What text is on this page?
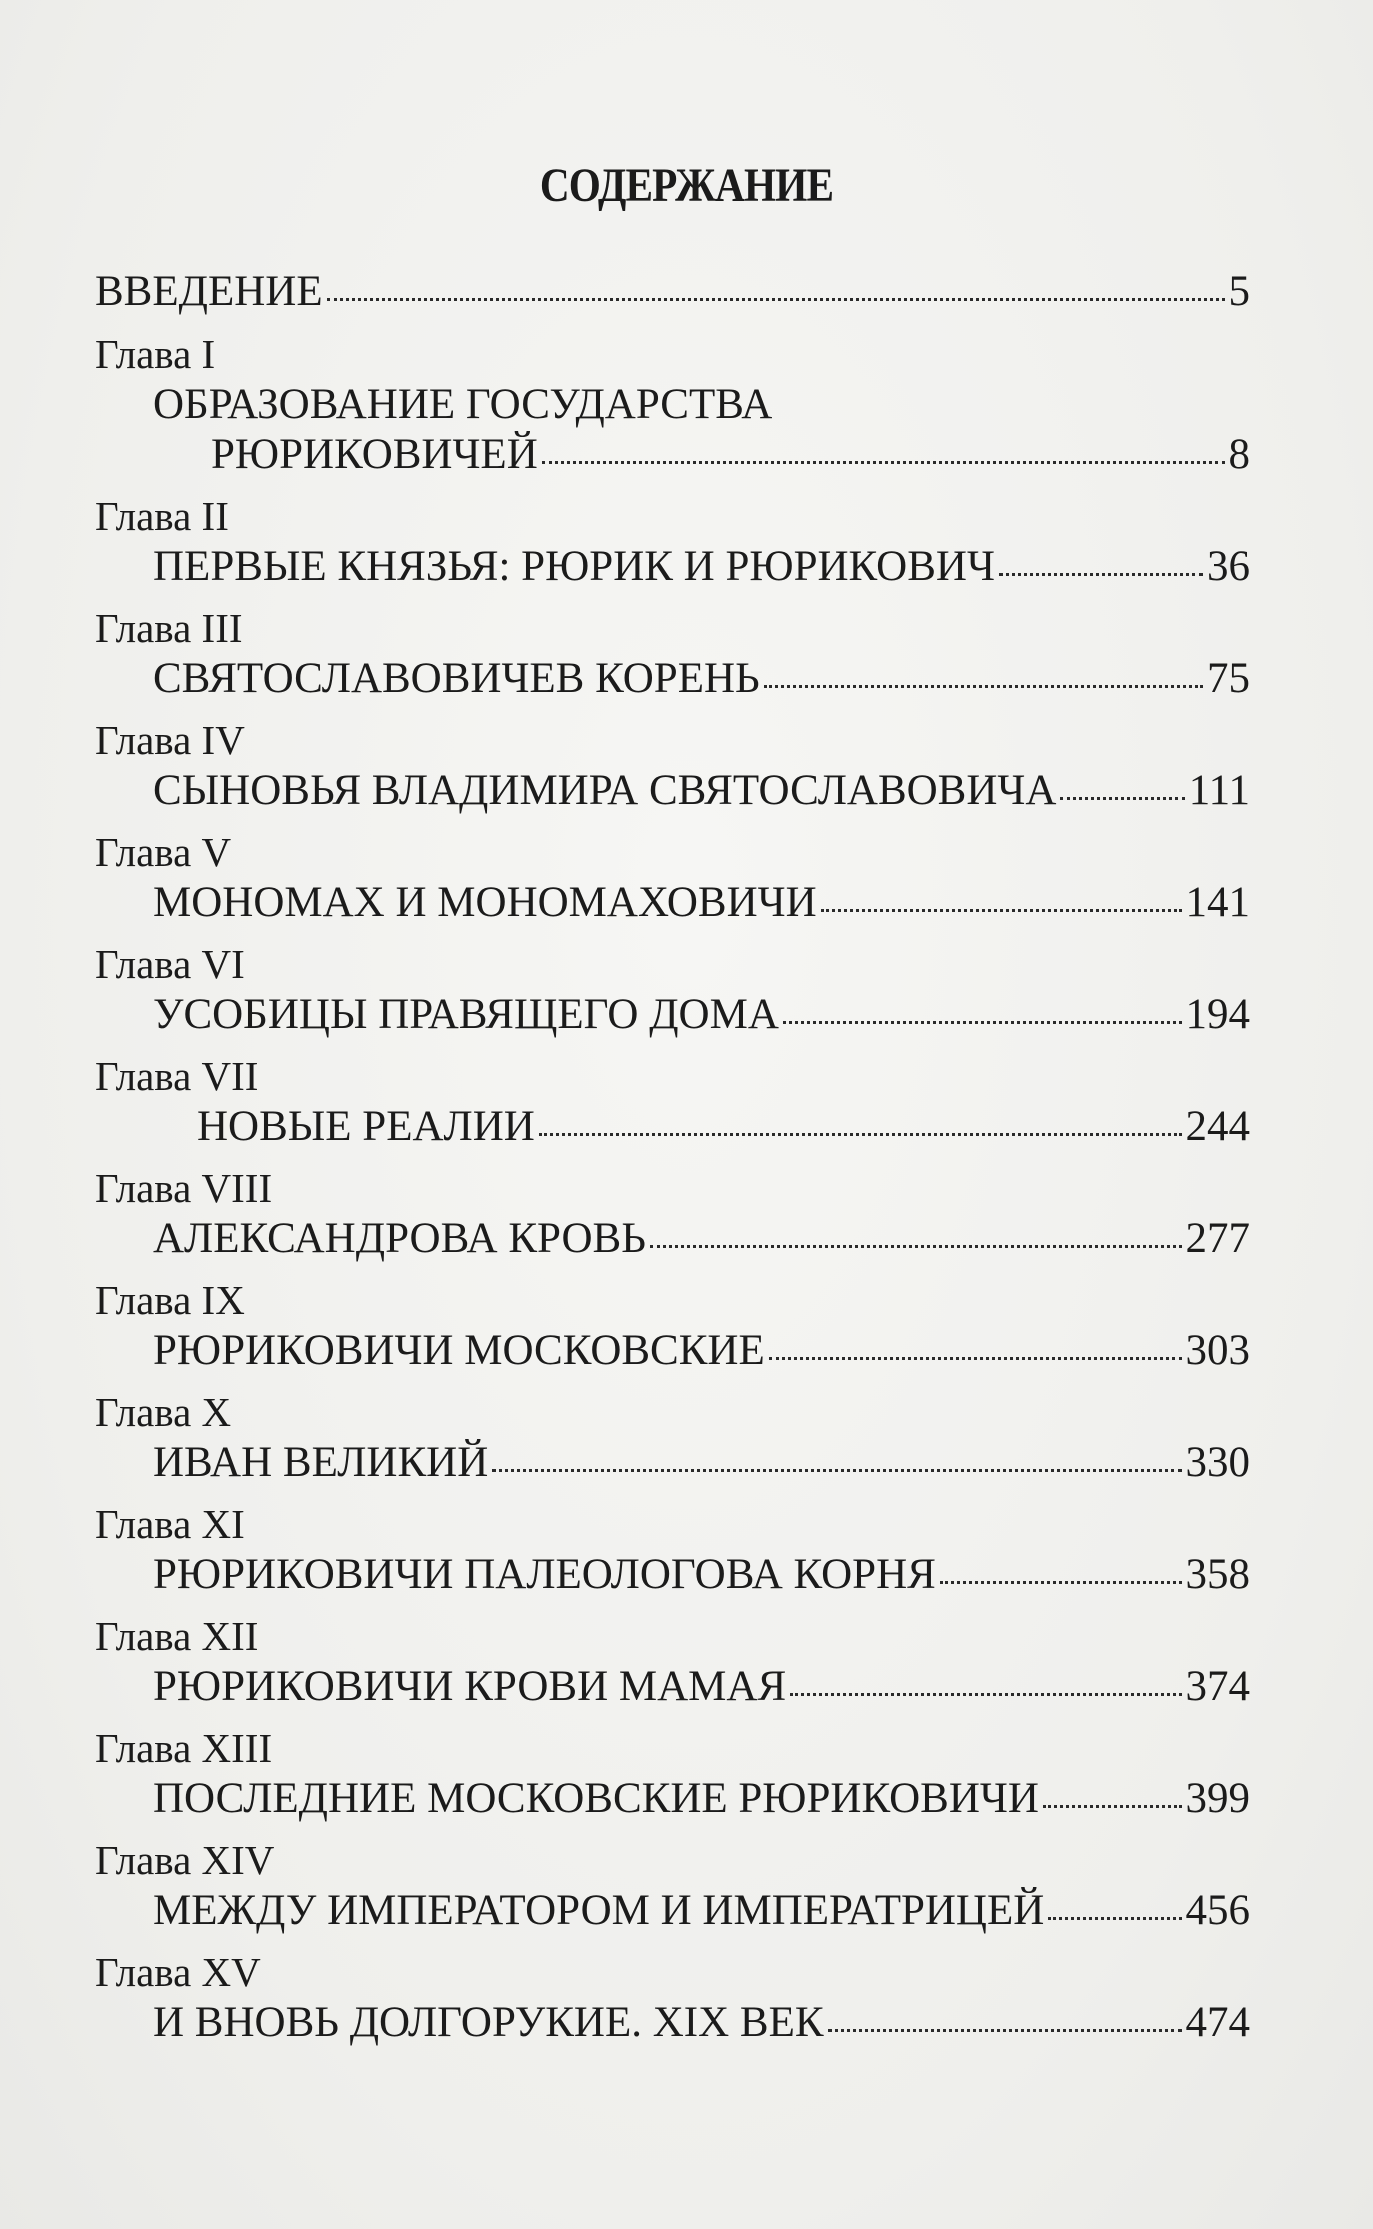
СОДЕРЖАНИЕ
ВВЕДЕНИЕ	5
Глава I
ОБРАЗОВАНИЕ ГОСУДАРСТВА
РЮРИКОВИЧЕЙ	8
Глава II
ПЕРВЫЕ КНЯЗЬЯ: РЮРИК И РЮРИКОВИЧ	36
Глава III
СВЯТОСЛАВОВИЧЕВ КОРЕНЬ	75
Глава IV
СЫНОВЬЯ ВЛАДИМИРА СВЯТОСЛАВОВИЧА	111
Глава V
МОНОМАХ И МОНОМАХОВИЧИ	141
Глава VI
УСОБИЦЫ ПРАВЯЩЕГО ДОМА	194
Глава VII
НОВЫЕ РЕАЛИИ	244
Глава VIII
АЛЕКСАНДРОВА КРОВЬ	277
Глава IX
РЮРИКОВИЧИ МОСКОВСКИЕ	303
Глава X
ИВАН ВЕЛИКИЙ	330
Глава XI
РЮРИКОВИЧИ ПАЛЕОЛОГОВА КОРНЯ	358
Глава XII
РЮРИКОВИЧИ КРОВИ МАМАЯ	374
Глава XIII
ПОСЛЕДНИЕ МОСКОВСКИЕ РЮРИКОВИЧИ	399
Глава XIV
МЕЖДУ ИМПЕРАТОРОМ И ИМПЕРАТРИЦЕЙ	456
Глава XV
И ВНОВЬ ДОЛГОРУКИЕ. XIX ВЕК	474
